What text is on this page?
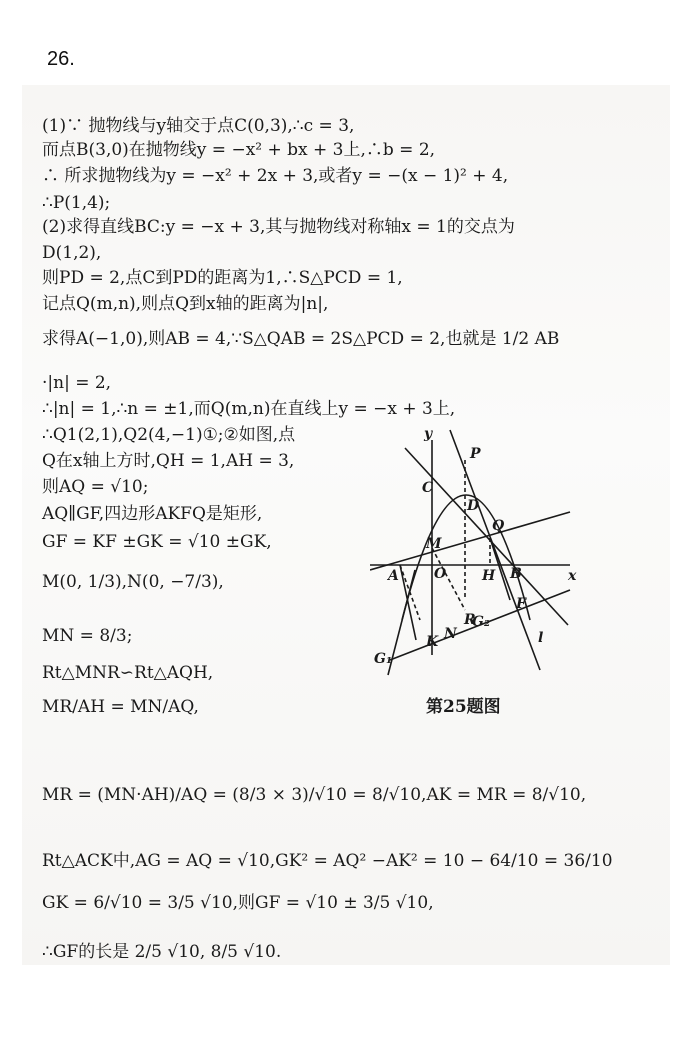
26.
(1)∵ 抛物线与y轴交于点C(0,3),∴c = 3,
而点B(3,0)在抛物线y = −x² + bx + 3上,∴b = 2,
∴ 所求抛物线为y = −x² + 2x + 3,或者y = −(x − 1)² + 4,
∴P(1,4);
(2)求得直线BC:y = −x + 3,其与抛物线对称轴x = 1的交点为
D(1,2),
则PD = 2,点C到PD的距离为1,∴S△PCD = 1,
记点Q(m,n),则点Q到x轴的距离为|n|,
求得A(−1,0),则AB = 4,∵S△QAB = 2S△PCD = 2,也就是 1/2 AB
·|n| = 2,
∴|n| = 1,∴n = ±1,而Q(m,n)在直线上y = −x + 3上,
∴Q1(2,1),Q2(4,−1)①;②如图,点
Q在x轴上方时,QH = 1,AH = 3,
则AQ = √10;
AQ∥GF,四边形AKFQ是矩形,
GF = KF ±GK = √10 ±GK,
M(0, 1/3),N(0, −7/3),
MN = 8/3;
Rt△MNR∽Rt△AQH,
MR/AH = MN/AQ,
MR = (MN·AH)/AQ = (8/3 × 3)/√10 = 8/√10,AK = MR = 8/√10,
Rt△ACK中,AG = AQ = √10,GK² = AQ² −AK² = 10 − 64/10 = 36/10
GK = 6/√10 = 3/5 √10,则GF = √10 ± 3/5 √10,
∴GF的长是 2/5 √10, 8/5 √10.
y
x
P
C
D
Q
M
A	O	H B
F
R
G₂
N
K
G₁
l
第25题图
